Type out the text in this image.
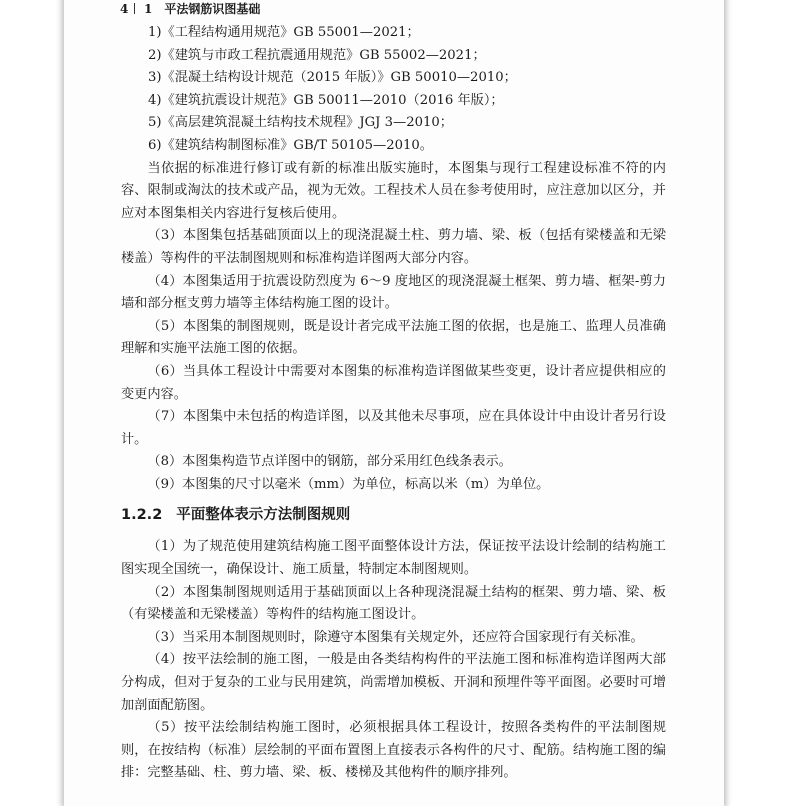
4 1 平法钢筋识图基础
1)《工程结构通用规范》GB 55001—2021；
2)《建筑与市政工程抗震通用规范》GB 55002—2021；
3)《混凝土结构设计规范（2015 年版）》GB 50010—2010；
4)《建筑抗震设计规范》GB 50011—2010（2016 年版）；
5)《高层建筑混凝土结构技术规程》JGJ 3—2010；
6)《建筑结构制图标准》GB/T 50105—2010。

当依据的标准进行修订或有新的标准出版实施时，本图集与现行工程建设标准不符的内容、限制或淘汰的技术或产品，视为无效。工程技术人员在参考使用时，应注意加以区分，并应对本图集相关内容进行复核后使用。

（3）本图集包括基础顶面以上的现浇混凝土柱、剪力墙、梁、板（包括有梁楼盖和无梁楼盖）等构件的平法制图规则和标准构造详图两大部分内容。

（4）本图集适用于抗震设防烈度为 6～9 度地区的现浇混凝土框架、剪力墙、框架-剪力墙和部分框支剪力墙等主体结构施工图的设计。

（5）本图集的制图规则，既是设计者完成平法施工图的依据，也是施工、监理人员准确理解和实施平法施工图的依据。

（6）当具体工程设计中需要对本图集的标准构造详图做某些变更，设计者应提供相应的变更内容。

（7）本图集中未包括的构造详图，以及其他未尽事项，应在具体设计中由设计者另行设计。

（8）本图集构造节点详图中的钢筋，部分采用红色线条表示。

（9）本图集的尺寸以毫米（mm）为单位，标高以米（m）为单位。

1.2.2 平面整体表示方法制图规则

（1）为了规范使用建筑结构施工图平面整体设计方法，保证按平法设计绘制的结构施工图实现全国统一，确保设计、施工质量，特制定本制图规则。

（2）本图集制图规则适用于基础顶面以上各种现浇混凝土结构的框架、剪力墙、梁、板（有梁楼盖和无梁楼盖）等构件的结构施工图设计。

（3）当采用本制图规则时，除遵守本图集有关规定外，还应符合国家现行有关标准。

（4）按平法绘制的施工图，一般是由各类结构构件的平法施工图和标准构造详图两大部分构成，但对于复杂的工业与民用建筑，尚需增加模板、开洞和预埋件等平面图。必要时可增加剖面配筋图。

（5）按平法绘制结构施工图时，必须根据具体工程设计，按照各类构件的平法制图规则，在按结构（标准）层绘制的平面布置图上直接表示各构件的尺寸、配筋。结构施工图的编排：完整基础、柱、剪力墙、梁、板、楼梯及其他构件的顺序排列。
